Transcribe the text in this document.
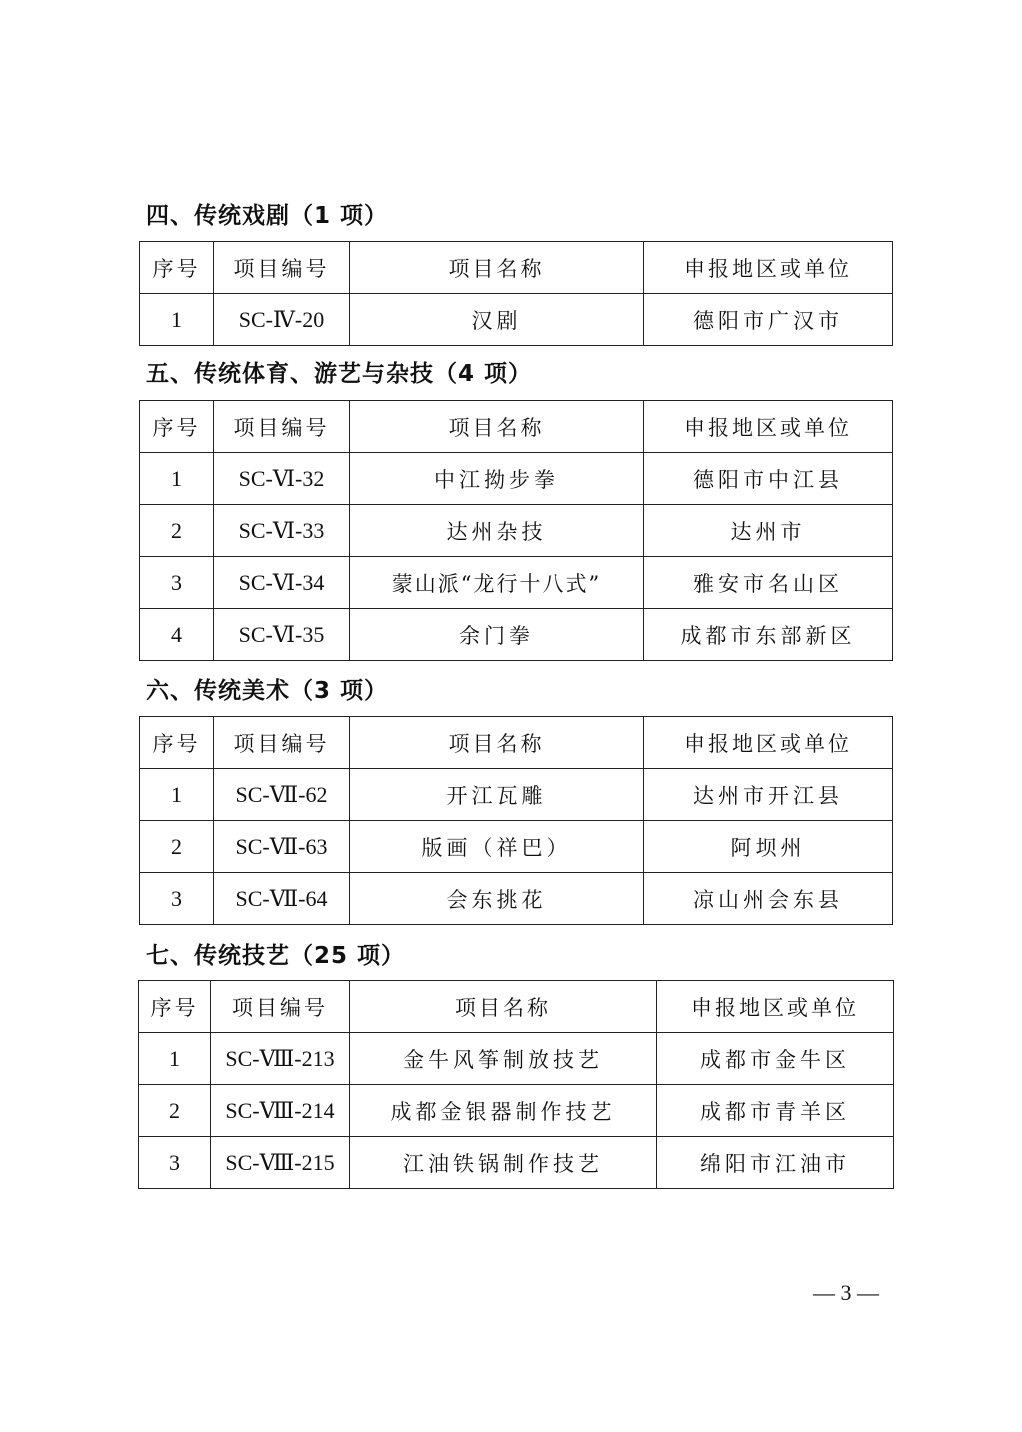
四、传统戏剧（1 项）
序号	项目编号	项目名称	申报地区或单位
1	SC-Ⅳ-20	汉剧	德阳市广汉市
五、传统体育、游艺与杂技（4 项）
序号	项目编号	项目名称	申报地区或单位
1	SC-Ⅵ-32	中江拗步拳	德阳市中江县
2	SC-Ⅵ-33	达州杂技	达州市
3	SC-Ⅵ-34	蒙山派“龙行十八式”	雅安市名山区
4	SC-Ⅵ-35	余门拳	成都市东部新区
六、传统美术（3 项）
序号	项目编号	项目名称	申报地区或单位
1	SC-Ⅶ-62	开江瓦雕	达州市开江县
2	SC-Ⅶ-63	版画（祥巴）	阿坝州
3	SC-Ⅶ-64	会东挑花	凉山州会东县
七、传统技艺（25 项）
序号	项目编号	项目名称	申报地区或单位
1	SC-Ⅷ-213	金牛风筝制放技艺	成都市金牛区
2	SC-Ⅷ-214	成都金银器制作技艺	成都市青羊区
3	SC-Ⅷ-215	江油铁锅制作技艺	绵阳市江油市
— 3 —
